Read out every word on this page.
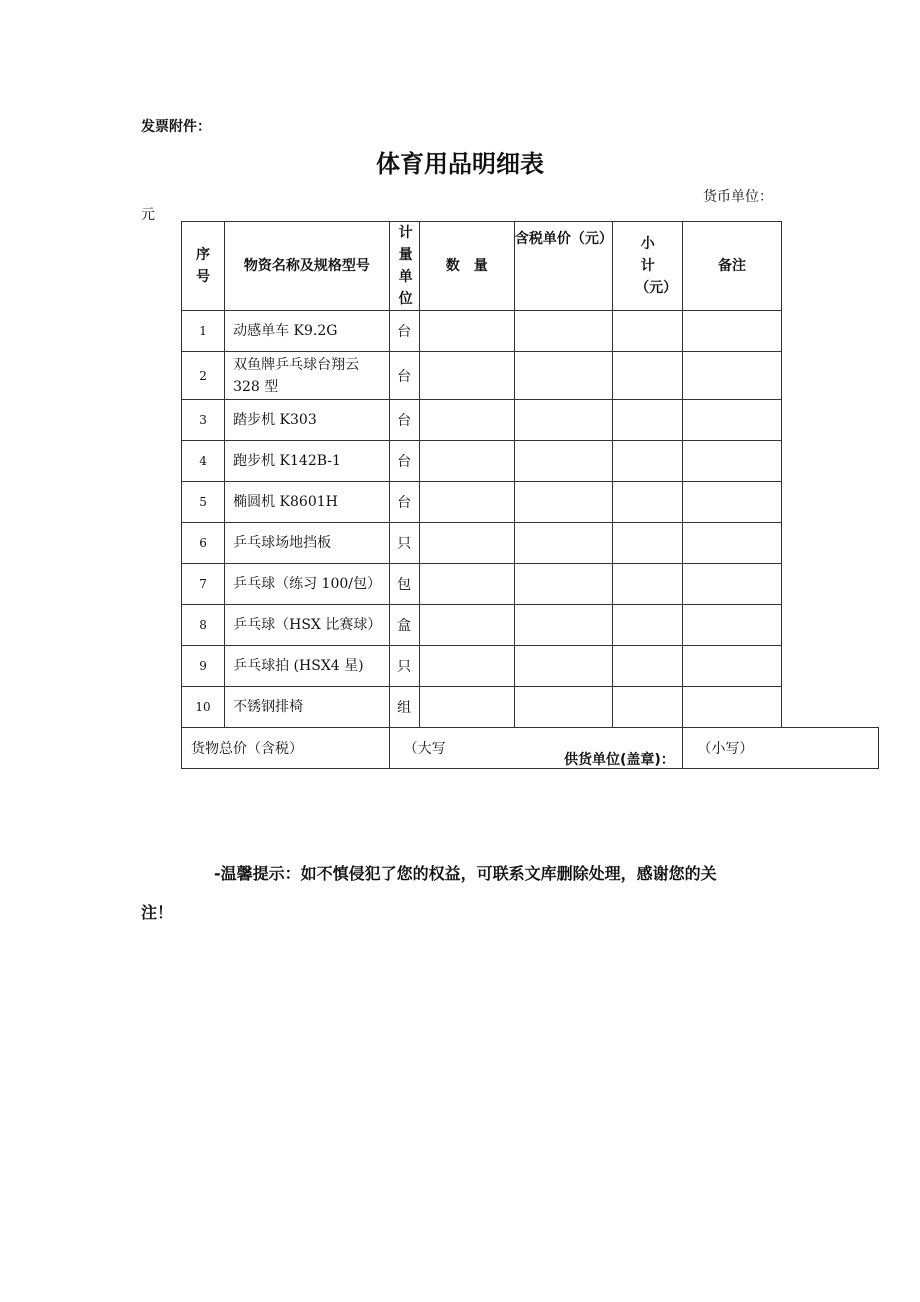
发票附件：
体育用品明细表
货币单位：
元
序号	物资名称及规格型号	计量单位	数　量	含税单价（元）	小计（元）	备注
1	动感单车 K9.2G	台				
2	双鱼牌乒乓球台翔云 328 型	台				
3	踏步机 K303	台				
4	跑步机 K142B-1	台				
5	椭圆机 K8601H	台				
6	乒乓球场地挡板	只				
7	乒乓球（练习 100/包）	包				
8	乒乓球（HSX 比赛球）	盒				
9	乒乓球拍 (HSX4 星)	只				
10	不锈钢排椅	组				
货物总价（含税）		（大写				（小写）
供货单位(盖章)：
-温馨提示：如不慎侵犯了您的权益，可联系文库删除处理，感谢您的关
注！
